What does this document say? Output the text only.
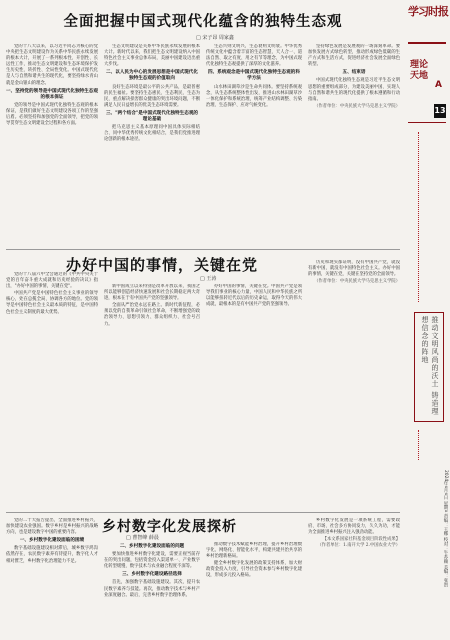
全面把握中国式现代化蕴含的独特生态观
□ 宋子昂 周家鑫

党的十八大以来，以习近平同志为核心的党中央把生态文明建设作为关系中华民族永续发展的根本大计，开展了一系列根本性、开创性、长远性工作，推动生态文明建设和生态环境保护发生历史性、转折性、全局性变化。中国式现代化是人与自然和谐共生的现代化，要坚持绿水青山就是金山银山的理念。

一、坚持党的领导是中国式现代化独特生态观的根本保证

党的领导是中国式现代化独特生态观的根本保证，是我们做好生态文明建设各项工作的坚强后盾。必须坚持和加强党的全面领导，把党的领导贯穿生态文明建设全过程和各方面。

生态文明建设是关系中华民族永续发展的根本大计。新时代以来，我们把生态文明建设纳入中国特色社会主义事业总体布局，美丽中国建设迈出重大步伐。

二、以人民为中心的发展思想是中国式现代化独特生态观的价值取向

良好生态环境是最公平的公共产品，是最普惠的民生福祉。要坚持生态惠民、生态利民、生态为民，重点解决损害群众健康的突出环境问题，不断满足人民日益增长的优美生态环境需要。

三、"两个结合"是中国式现代化独特生态观的理论基础

把马克思主义基本原理同中国具体实际相结合、同中华优秀传统文化相结合，是我们党推进理论创新的根本途径。

生态兴则文明兴，生态衰则文明衰。中华优秀传统文化中蕴含着丰富的生态智慧，天人合一、道法自然、取之有度、用之有节等理念，为中国式现代化独特生态观提供了深厚的文化滋养。

四、系统观念是中国式现代化独特生态观的科学方法

山水林田湖草沙是生命共同体。要坚持系统观念，从生态系统整体性出发，推进山水林田湖草沙一体化保护和系统治理，统筹产业结构调整、污染治理、生态保护、应对气候变化。

坚持绿色发展是发展观的一场深刻革命。要加快发展方式绿色转型，推动形成绿色低碳的生产方式和生活方式，促进经济社会发展全面绿色转型。

五、结束语

中国式现代化独特生态观是习近平生态文明思想的重要组成部分，为建设美丽中国、实现人与自然和谐共生的现代化提供了根本遵循和行动指南。

（作者单位：中央民族大学马克思主义学院）
办好中国的事情，关键在党
□ 王涛

党的十八届六中全会通过的《中共中央关于党的百年奋斗重大成就和历史经验的决议》指出，"办好中国的事情，关键在党"。

中国共产党是中国特色社会主义事业的领导核心，处在总揽全局、协调各方的地位。党的领导是中国特色社会主义最本质的特征，是中国特色社会主义制度的最大优势。

新中国成立以来特别是改革开放以来，我国之所以能够创造经济快速发展和社会长期稳定两大奇迹，根本在于有中国共产党的坚强领导。

全面从严治党永远在路上。新时代新征程，必须以党的自我革命引领社会革命，不断增强党的政治领导力、思想引领力、群众组织力、社会号召力。

办好中国的事情，关键在党。中国共产党是领导我们事业的核心力量，中国人民和中华民族之所以能够扭转近代以后的历史命运，取得今天的伟大成就，最根本的是有中国共产党的坚强领导。

历史和现实都证明，没有中国共产党，就没有新中国，就没有中国特色社会主义。办好中国的事情，关键在党，关键在坚持党的全面领导。

（作者单位：中央民族大学马克思主义学院）
乡村数字化发展探析
□ 曹智峰 薛晨

党的二十大报告提出，全面推进乡村振兴，加快建设农业强国。数字乡村是乡村振兴的战略方向，也是建设数字中国的重要内容。

一、乡村数字化建设面临的困境

数字基础设施建设相对滞后，城乡数字鸿沟依然存在，农民数字素养有待提升，数字化人才相对匮乏，乡村数字化治理能力不足。

二、乡村数字化建设面临的问题

要加快推进乡村数字化建设，需要正视当前存在的突出问题，包括资金投入渠道单一、产业数字化转型缓慢、数字技术与农业融合程度不深等。

三、乡村数字化建设路径选择

首先，加强数字基础设施建设。其次，提升农民数字素养与技能。再次，推动数字技术与乡村产业深度融合。最后，完善乡村数字治理体系。

推动数字技术赋能乡村治理，提升乡村治理数字化、网络化、智能化水平，构建共建共治共享的乡村治理新格局。

健全乡村数字化发展的政策支持体系，加大财政资金投入力度，引导社会资本参与乡村数字化建设，形成多元投入格局。

乡村数字化发展是一项系统工程，需要政府、市场、社会多方协同发力，久久为功，才能为全面推进乡村振兴注入强劲动能。

【本文系国家社科基金项目阶段性成果】
（作者单位：1.南开大学 2.中国农业大学）
学习时报
理论天地
A
13
推动文明风尚的沃土 铸造理想信念的阵地
2024年x月x日 星期x 责编：王娜 校对：牛苏赖 美编：张贵
